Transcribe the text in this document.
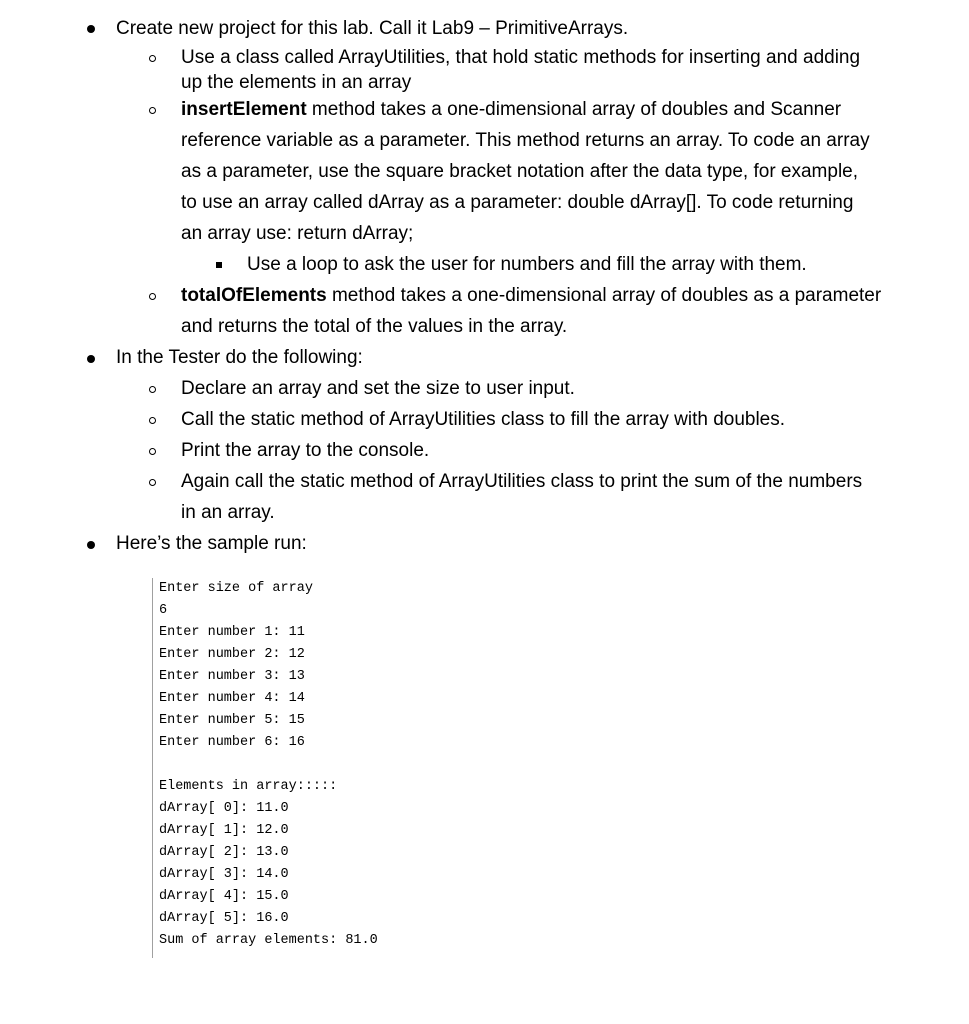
Create new project for this lab. Call it Lab9 – PrimitiveArrays.
Use a class called ArrayUtilities, that hold static methods for inserting and adding
up the elements in an array
insertElement method takes a one-dimensional array of doubles and Scanner
reference variable as a parameter. This method returns an array. To code an array
as a parameter, use the square bracket notation after the data type, for example,
to use an array called dArray as a parameter: double dArray[]. To code returning
an array use: return dArray;
Use a loop to ask the user for numbers and fill the array with them.
totalOfElements method takes a one-dimensional array of doubles as a parameter
and returns the total of the values in the array.
In the Tester do the following:
Declare an array and set the size to user input.
Call the static method of ArrayUtilities class to fill the array with doubles.
Print the array to the console.
Again call the static method of ArrayUtilities class to print the sum of the numbers
in an array.
Here’s the sample run:
Enter size of array
6
Enter number 1: 11
Enter number 2: 12
Enter number 3: 13
Enter number 4: 14
Enter number 5: 15
Enter number 6: 16
Elements in array:::::
dArray[ 0]: 11.0
dArray[ 1]: 12.0
dArray[ 2]: 13.0
dArray[ 3]: 14.0
dArray[ 4]: 15.0
dArray[ 5]: 16.0
Sum of array elements: 81.0
